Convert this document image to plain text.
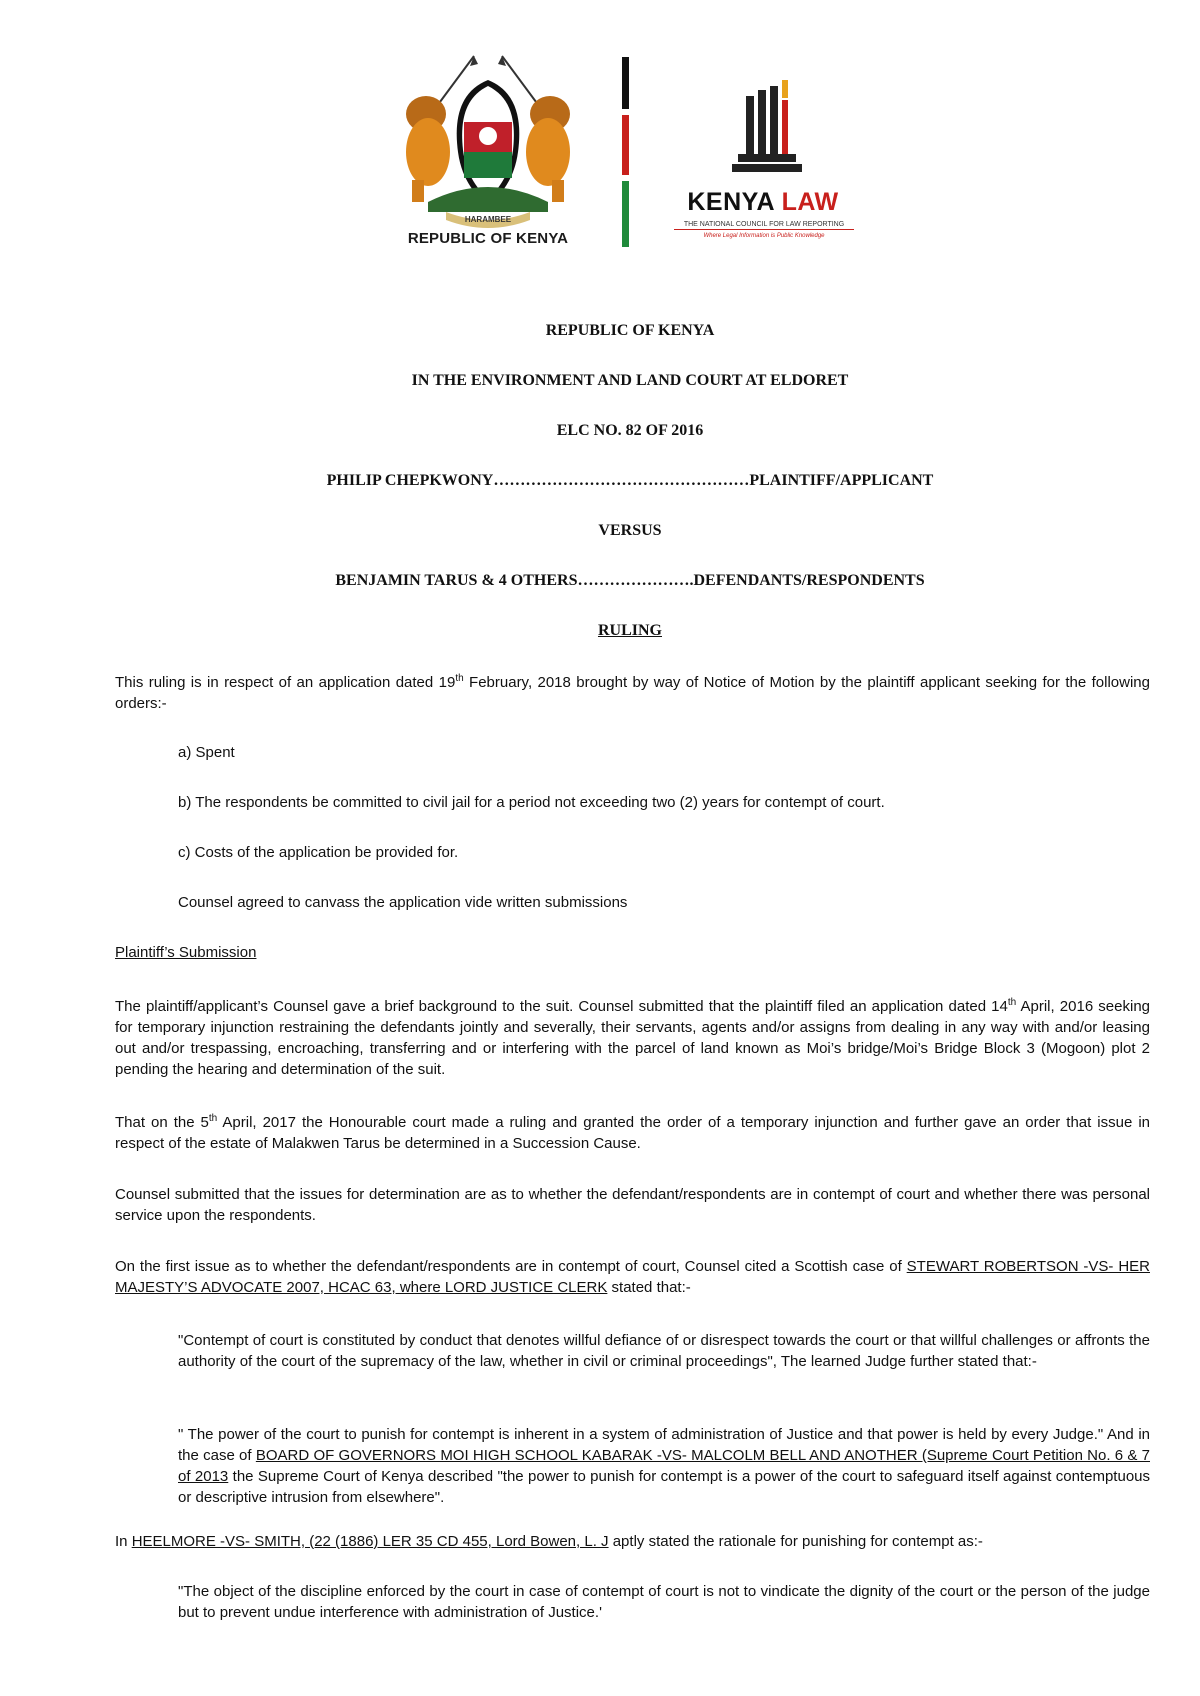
HARAMBEE
REPUBLIC OF KENYA
KENYA LAW
THE NATIONAL COUNCIL FOR LAW REPORTING
Where Legal Information is Public Knowledge
REPUBLIC OF KENYA
IN THE ENVIRONMENT AND LAND COURT AT ELDORET
ELC NO. 82 OF 2016
PHILIP CHEPKWONY…………………………………………PLAINTIFF/APPLICANT
VERSUS
BENJAMIN TARUS & 4 OTHERS………………….DEFENDANTS/RESPONDENTS
RULING
This ruling is in respect of an application dated 19th February, 2018 brought by way of Notice of Motion by the plaintiff applicant seeking for the following orders:-
a) Spent
b) The respondents be committed to civil jail for a period not exceeding two (2) years for contempt of court.
c) Costs of the application be provided for.
Counsel agreed to canvass the application vide written submissions
Plaintiff’s Submission
The plaintiff/applicant’s Counsel gave a brief background to the suit. Counsel submitted that the plaintiff filed an application dated 14th April, 2016 seeking for temporary injunction restraining the defendants jointly and severally, their servants, agents and/or assigns from dealing in any way with and/or leasing out and/or trespassing, encroaching, transferring and or interfering with the parcel of land known as Moi’s bridge/Moi’s Bridge Block 3 (Mogoon) plot 2 pending the hearing and determination of the suit.
That on the 5th April, 2017 the Honourable court made a ruling and granted the order of a temporary injunction and further gave an order that issue in respect of the estate of Malakwen Tarus be determined in a Succession Cause.
Counsel submitted that the issues for determination are as to whether the defendant/respondents are in contempt of court and whether there was personal service upon the respondents.
On the first issue as to whether the defendant/respondents are in contempt of court, Counsel cited a Scottish case of STEWART ROBERTSON -VS- HER MAJESTY’S ADVOCATE 2007, HCAC 63, where LORD JUSTICE CLERK stated that:-
"Contempt of court is constituted by conduct that denotes willful defiance of or disrespect towards the court or that willful challenges or affronts the authority of the court of the supremacy of the law, whether in civil or criminal proceedings", The learned Judge further stated that:-
" The power of the court to punish for contempt is inherent in a system of administration of Justice and that power is held by every Judge." And in the case of BOARD OF GOVERNORS MOI HIGH SCHOOL KABARAK -VS- MALCOLM BELL AND ANOTHER (Supreme Court Petition No. 6 & 7 of 2013 the Supreme Court of Kenya described "the power to punish for contempt is a power of the court to safeguard itself against contemptuous or descriptive intrusion from elsewhere".
In HEELMORE -VS- SMITH, (22 (1886) LER 35 CD 455, Lord Bowen, L. J aptly stated the rationale for punishing for contempt as:-
"The object of the discipline enforced by the court in case of contempt of court is not to vindicate the dignity of the court or the person of the judge but to prevent undue interference with administration of Justice.'
